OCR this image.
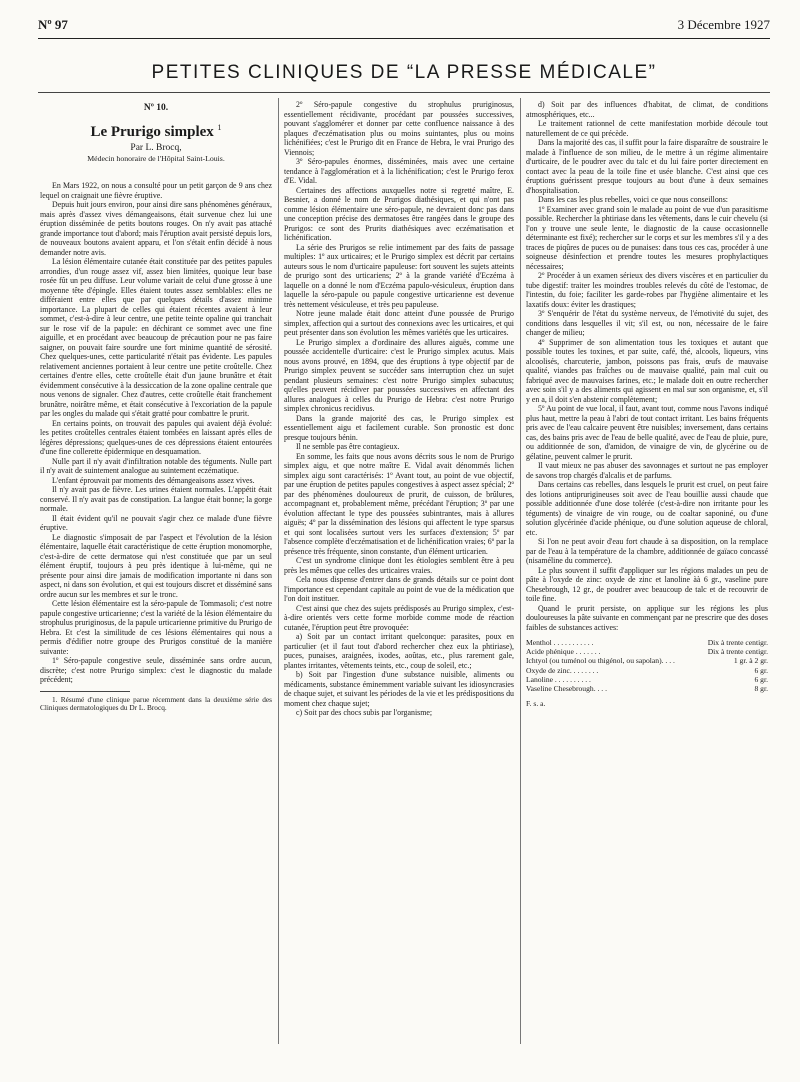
Nº 97	3 Décembre 1927
PETITES CLINIQUES DE “LA PRESSE MÉDICALE”

Nº 10.

Le Prurigo simplex $^1$

Par L. Brocq,

Médecin honoraire de l'Hôpital Saint-Louis.

En Mars 1922, on nous a consulté pour un petit garçon de 9 ans chez lequel on craignait une fièvre éruptive.

Depuis huit jours environ, pour ainsi dire sans phénomènes généraux, mais après d'assez vives démangeaisons, était survenue chez lui une éruption disséminée de petits boutons rouges. On n'y avait pas attaché grande importance tout d'abord; mais l'éruption avait persisté depuis lors, de nouveaux boutons avaient apparu, et l'on s'était enfin décidé à nous demander notre avis.

La lésion élémentaire cutanée était constituée par des petites papules arrondies, d'un rouge assez vif, assez bien limitées, quoique leur base rosée fût un peu diffuse. Leur volume variait de celui d'une grosse à une moyenne tête d'épingle. Elles étaient toutes assez semblables: elles ne différaient entre elles que par quelques détails d'assez minime importance. La plupart de celles qui étaient récentes avaient à leur sommet, c'est-à-dire à leur centre, une petite teinte opaline qui tranchait sur le rose vif de la papule: en déchirant ce sommet avec une fine aiguille, et en procédant avec beaucoup de précaution pour ne pas faire saigner, on pouvait faire sourdre une fort minime quantité de sérosité. Chez quelques-unes, cette particularité n'était pas évidente. Les papules relativement anciennes portaient à leur centre une petite croûtelle. Chez certaines d'entre elles, cette croûtelle était d'un jaune brunâtre et était évidemment consécutive à la dessiccation de la zone opaline centrale que nous venons de signaler. Chez d'autres, cette croûtelle était franchement brunâtre, noirâtre même, et était consécutive à l'excoriation de la papule par les ongles du malade qui s'était gratté pour combattre le prurit.

En certains points, on trouvait des papules qui avaient déjà évolué: les petites croûtelles centrales étaient tombées en laissant après elles de légères dépressions; quelques-unes de ces dépressions étaient entourées d'une fine collerette épidermique en desquamation.

Nulle part il n'y avait d'infiltration notable des téguments. Nulle part il n'y avait de suintement analogue au suintement eczématique.

L'enfant éprouvait par moments des démangeaisons assez vives.

Il n'y avait pas de fièvre. Les urines étaient normales. L'appétit était conservé. Il n'y avait pas de constipation. La langue était bonne; la gorge normale.

Il était évident qu'il ne pouvait s'agir chez ce malade d'une fièvre éruptive.

Le diagnostic s'imposait de par l'aspect et l'évolution de la lésion élémentaire, laquelle était caractéristique de cette éruption monomorphe, c'est-à-dire de cette dermatose qui n'est constituée que par un seul élément éruptif, toujours à peu près identique à lui-même, qui ne présente pour ainsi dire jamais de modification importante ni dans son aspect, ni dans son évolution, et qui est toujours discret et disséminé sans ordre aucun sur les membres et sur le tronc.

Cette lésion élémentaire est la séro-papule de Tommasoli; c'est notre papule congestive urticarienne; c'est la variété de la lésion élémentaire du strophulus pruriginosus, de la papule urticarienne primitive du Prurigo de Hebra. Et c'est la similitude de ces lésions élémentaires qui nous a permis d'édifier notre groupe des Prurigos constitué de la manière suivante:

1º Séro-papule congestive seule, disséminée sans ordre aucun, discrète; c'est notre Prurigo simplex: c'est le diagnostic du malade précédent;

1. Résumé d'une clinique parue récemment dans la deuxième série des Cliniques dermatologiques du Dr L. Brocq.

2º Séro-papule congestive du strophulus pruriginosus, essentiellement récidivante, procédant par poussées successives, pouvant s'agglomérer et donner par cette confluence naissance à des plaques d'eczématisation plus ou moins suintantes, plus ou moins lichénifiées; c'est le Prurigo dit en France de Hebra, le vrai Prurigo des Viennois;

3º Séro-papules énormes, disséminées, mais avec une certaine tendance à l'agglomération et à la lichénification; c'est le Prurigo ferox d'E. Vidal.

Certaines des affections auxquelles notre si regretté maître, E. Besnier, a donné le nom de Prurigos diathésiques, et qui n'ont pas comme lésion élémentaire une séro-papule, ne devraient donc pas dans une conception précise des dermatoses être rangées dans le groupe des Prurigos: ce sont des Prurits diathésiques avec eczématisation et lichénification.

La série des Prurigos se relie intimement par des faits de passage multiples: 1º aux urticaires; et le Prurigo simplex est décrit par certains auteurs sous le nom d'urticaire papuleuse: fort souvent les sujets atteints de prurigo sont des urticariens; 2º à la grande variété d'Eczéma à laquelle on a donné le nom d'Eczéma papulo-vésiculeux, éruption dans laquelle la séro-papule ou papule congestive urticarienne est devenue très nettement vésiculeuse, et très peu papuleuse.

Notre jeune malade était donc atteint d'une poussée de Prurigo simplex, affection qui a surtout des connexions avec les urticaires, et qui peut présenter dans son évolution les mêmes variétés que les urticaires.

Le Prurigo simplex a d'ordinaire des allures aiguës, comme une poussée accidentelle d'urticaire: c'est le Prurigo simplex acutus. Mais nous avons prouvé, en 1894, que des éruptions à type objectif par de Prurigo simplex peuvent se succéder sans interruption chez un sujet pendant plusieurs semaines: c'est notre Prurigo simplex subacutus; qu'elles peuvent récidiver par poussées successives en affectant des allures analogues à celles du Prurigo de Hebra: c'est notre Prurigo simplex chronicus recidivus.

Dans la grande majorité des cas, le Prurigo simplex est essentiellement aigu et facilement curable. Son pronostic est donc presque toujours bénin.

Il ne semble pas être contagieux.

En somme, les faits que nous avons décrits sous le nom de Prurigo simplex aigu, et que notre maître E. Vidal avait dénommés lichen simplex aigu sont caractérisés: 1º Avant tout, au point de vue objectif, par une éruption de petites papules congestives à aspect assez spécial; 2º par des phénomènes douloureux de prurit, de cuisson, de brûlures, accompagnant et, probablement même, précédant l'éruption; 3º par une évolution affectant le type des poussées subintrantes, mais à allures aiguës; 4º par la dissémination des lésions qui affectent le type sparsus et qui sont localisées surtout vers les surfaces d'extension; 5º par l'absence complète d'eczématisation et de lichénification vraies; 6º par la présence très fréquente, sinon constante, d'un élément urticarien.

C'est un syndrome clinique dont les étiologies semblent être à peu près les mêmes que celles des urticaires vraies.

Cela nous dispense d'entrer dans de grands détails sur ce point dont l'importance est cependant capitale au point de vue de la médication que l'on doit instituer.

C'est ainsi que chez des sujets prédisposés au Prurigo simplex, c'est-à-dire orientés vers cette forme morbide comme mode de réaction cutanée, l'éruption peut être provoquée:

a) Soit par un contact irritant quelconque: parasites, poux en particulier (et il faut tout d'abord rechercher chez eux la phtiriase), puces, punaises, araignées, ixodes, aoûtas, etc., plus rarement gale, plantes irritantes, vêtements teints, etc., coup de soleil, etc.;

b) Soit par l'ingestion d'une substance nuisible, aliments ou médicaments, substance éminemment variable suivant les idiosyncrasies de chaque sujet, et suivant les périodes de la vie et les prédispositions du moment chez chaque sujet;

c) Soit par des chocs subis par l'organisme;

d) Soit par des influences d'habitat, de climat, de conditions atmosphériques, etc...

Le traitement rationnel de cette manifestation morbide découle tout naturellement de ce qui précède.

Dans la majorité des cas, il suffit pour la faire disparaître de soustraire le malade à l'influence de son milieu, de le mettre à un régime alimentaire d'urticaire, de le poudrer avec du talc et du lui faire porter directement en contact avec la peau de la toile fine et usée blanche. C'est ainsi que ces éruptions guérissent presque toujours au bout d'une à deux semaines d'hospitalisation.

Dans les cas les plus rebelles, voici ce que nous conseillons:

1º Examiner avec grand soin le malade au point de vue d'un parasitisme possible. Rechercher la phtiriase dans les vêtements, dans le cuir chevelu (si l'on y trouve une seule lente, le diagnostic de la cause occasionnelle déterminante est fixé); rechercher sur le corps et sur les membres s'il y a des traces de piqûres de puces ou de punaises: dans tous ces cas, procéder à une soigneuse désinfection et prendre toutes les mesures prophylactiques nécessaires;

2º Procéder à un examen sérieux des divers viscères et en particulier du tube digestif: traiter les moindres troubles relevés du côté de l'estomac, de l'intestin, du foie; faciliter les garde-robes par l'hygiène alimentaire et les laxatifs doux: éviter les drastiques;

3º S'enquérir de l'état du système nerveux, de l'émotivité du sujet, des conditions dans lesquelles il vit; s'il est, ou non, nécessaire de le faire changer de milieu;

4º Supprimer de son alimentation tous les toxiques et autant que possible toutes les toxines, et par suite, café, thé, alcools, liqueurs, vins alcoolisés, charcuterie, jambon, poissons pas frais, œufs de mauvaise qualité, viandes pas fraîches ou de mauvaise qualité, pain mal cuit ou fabriqué avec de mauvaises farines, etc.; le malade doit en outre rechercher avec soin s'il y a des aliments qui agissent en mal sur son organisme, et, s'il y en a, il doit s'en abstenir complètement;

5º Au point de vue local, il faut, avant tout, comme nous l'avons indiqué plus haut, mettre la peau à l'abri de tout contact irritant. Les bains fréquents pris avec de l'eau calcaire peuvent être nuisibles; inversement, dans certains cas, des bains pris avec de l'eau de belle qualité, avec de l'eau de pluie, pure, ou additionnée de son, d'amidon, de vinaigre de vin, de glycérine ou de gélatine, peuvent calmer le prurit.

Il vaut mieux ne pas abuser des savonnages et surtout ne pas employer de savons trop chargés d'alcalis et de parfums.

Dans certains cas rebelles, dans lesquels le prurit est cruel, on peut faire des lotions antiprurigineuses soit avec de l'eau bouillie aussi chaude que possible additionnée d'une dose tolérée (c'est-à-dire non irritante pour les téguments) de vinaigre de vin rouge, ou de coaltar saponiné, ou d'une solution glycérinée d'acide phénique, ou d'une solution aqueuse de chloral, etc.

Si l'on ne peut avoir d'eau fort chaude à sa disposition, on la remplace par de l'eau à la température de la chambre, additionnée de gaïaco concassé (nisaméline du commerce).

Le plus souvent il suffit d'appliquer sur les régions malades un peu de pâte à l'oxyde de zinc: oxyde de zinc et lanoline àà 6 gr., vaseline pure Chesebrough, 12 gr., de poudrer avec beaucoup de talc et de recouvrir de toile fine.

Quand le prurit persiste, on applique sur les régions les plus douloureuses la pâte suivante en commençant par ne prescrire que des doses faibles de substances actives:

Menthol . . . . . . . . . . .	Dix à trente centigr.
Acide phénique . . . . . . .	Dix à trente centigr.
Ichtyol (ou tuménol ou thigénol, ou sapolan). . . .	1 gr. à 2 gr.
Oxyde de zinc. . . . . . . .	6 gr.
Lanoline . . . . . . . . . .	6 gr.
Vaseline Chesebrough. . . .	8 gr.
F. s. a.
